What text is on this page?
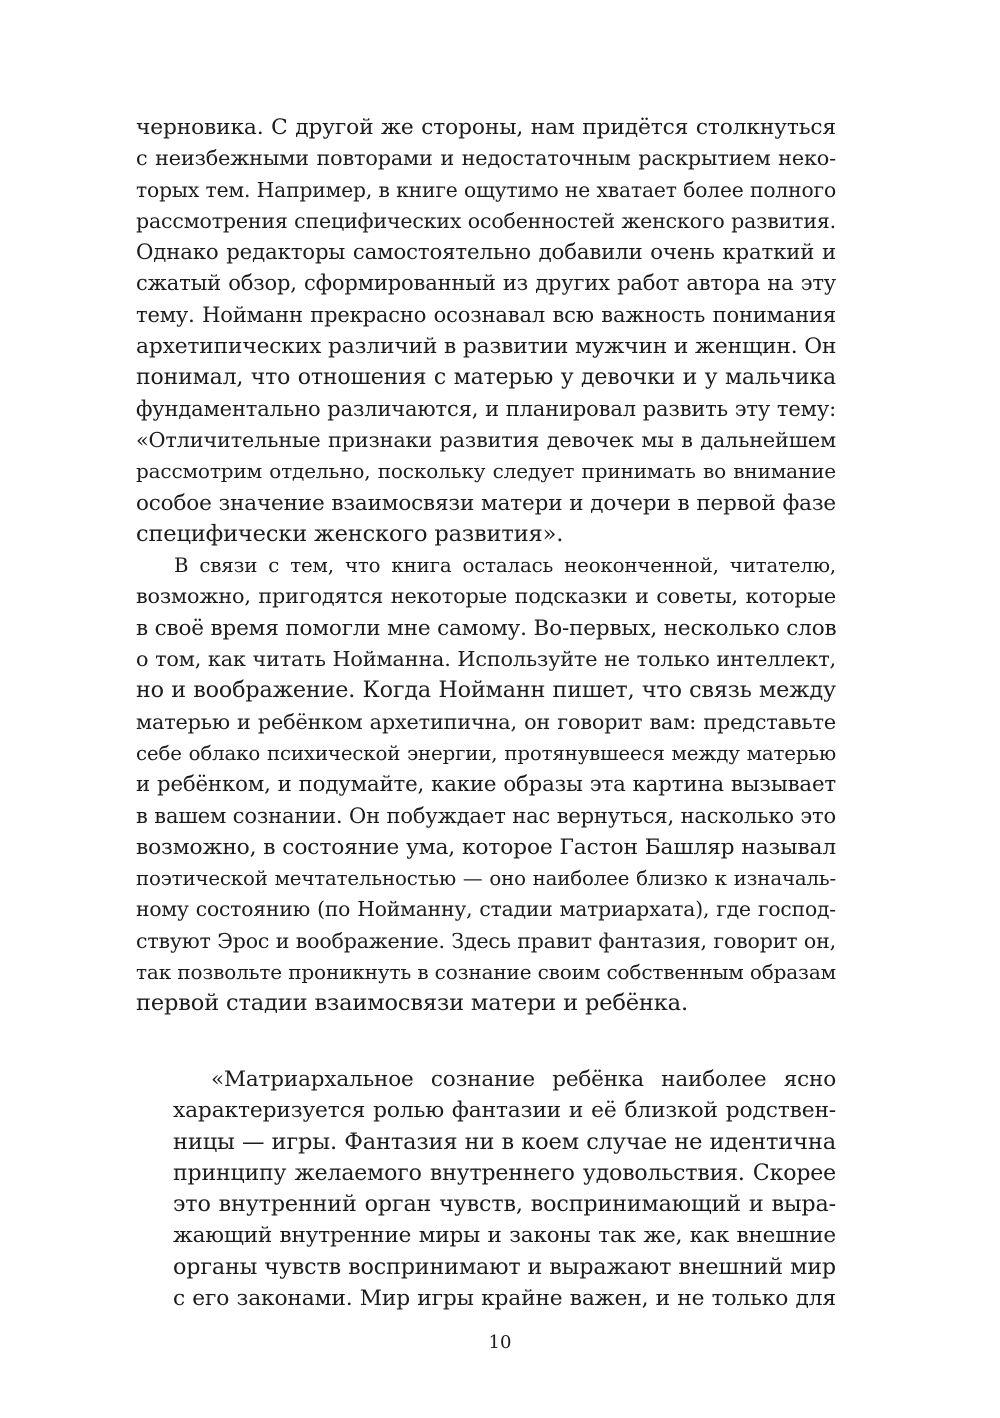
черновика. С другой же стороны, нам придётся столкнуться
с неизбежными повторами и недостаточным раскрытием неко-
торых тем. Например, в книге ощутимо не хватает более полного
рассмотрения специфических особенностей женского развития.
Однако редакторы самостоятельно добавили очень краткий и
сжатый обзор, сформированный из других работ автора на эту
тему. Нойманн прекрасно осознавал всю важность понимания
архетипических различий в развитии мужчин и женщин. Он
понимал, что отношения с матерью у девочки и у мальчика
фундаментально различаются, и планировал развить эту тему:
«Отличительные признаки развития девочек мы в дальнейшем
рассмотрим отдельно, поскольку следует принимать во внимание
особое значение взаимосвязи матери и дочери в первой фазе
специфически женского развития».
В связи с тем, что книга осталась неоконченной, читателю,
возможно, пригодятся некоторые подсказки и советы, которые
в своё время помогли мне самому. Во-первых, несколько слов
о том, как читать Нойманна. Используйте не только интеллект,
но и воображение. Когда Нойманн пишет, что связь между
матерью и ребёнком архетипична, он говорит вам: представьте
себе облако психической энергии, протянувшееся между матерью
и ребёнком, и подумайте, какие образы эта картина вызывает
в вашем сознании. Он побуждает нас вернуться, насколько это
возможно, в состояние ума, которое Гастон Башляр называл
поэтической мечтательностью — оно наиболее близко к изначаль-
ному состоянию (по Нойманну, стадии матриархата), где господ-
ствуют Эрос и воображение. Здесь правит фантазия, говорит он,
так позвольте проникнуть в сознание своим собственным образам
первой стадии взаимосвязи матери и ребёнка.
«Матриархальное сознание ребёнка наиболее ясно
характеризуется ролью фантазии и её близкой родствен-
ницы — игры. Фантазия ни в коем случае не идентична
принципу желаемого внутреннего удовольствия. Скорее
это внутренний орган чувств, воспринимающий и выра-
жающий внутренние миры и законы так же, как внешние
органы чувств воспринимают и выражают внешний мир
с его законами. Мир игры крайне важен, и не только для
10
